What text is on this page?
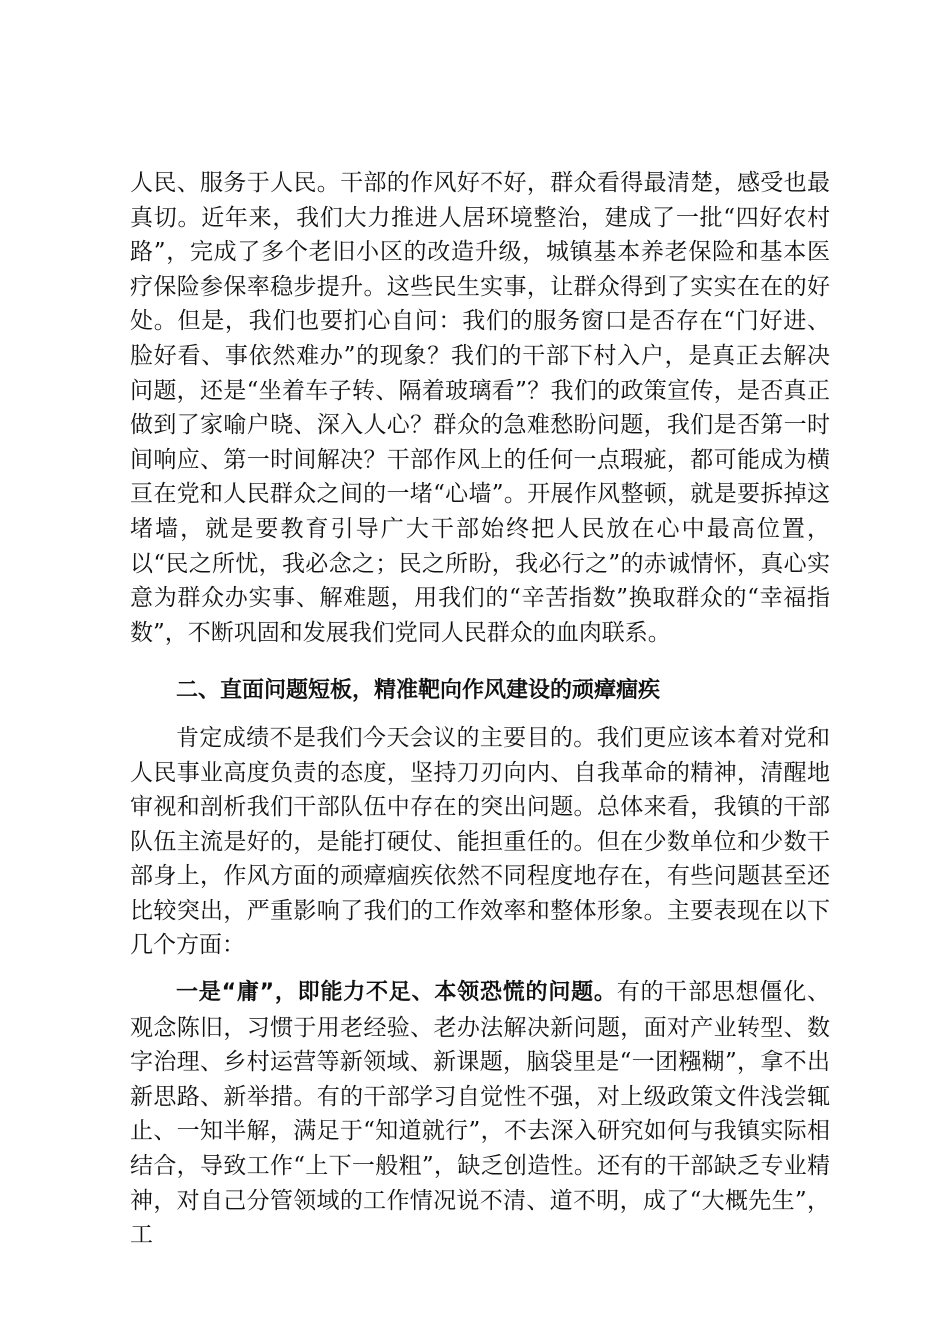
人民、服务于人民。干部的作风好不好，群众看得最清楚，感受也最真切。近年来，我们大力推进人居环境整治，建成了一批“四好农村路”，完成了多个老旧小区的改造升级，城镇基本养老保险和基本医疗保险参保率稳步提升。这些民生实事，让群众得到了实实在在的好处。但是，我们也要扪心自问：我们的服务窗口是否存在“门好进、脸好看、事依然难办”的现象？我们的干部下村入户，是真正去解决问题，还是“坐着车子转、隔着玻璃看”？我们的政策宣传，是否真正做到了家喻户晓、深入人心？群众的急难愁盼问题，我们是否第一时间响应、第一时间解决？干部作风上的任何一点瑕疵，都可能成为横亘在党和人民群众之间的一堵“心墙”。开展作风整顿，就是要拆掉这堵墙，就是要教育引导广大干部始终把人民放在心中最高位置，以“民之所忧，我必念之；民之所盼，我必行之”的赤诚情怀，真心实意为群众办实事、解难题，用我们的“辛苦指数”换取群众的“幸福指数”，不断巩固和发展我们党同人民群众的血肉联系。

二、直面问题短板，精准靶向作风建设的顽瘴痼疾

肯定成绩不是我们今天会议的主要目的。我们更应该本着对党和人民事业高度负责的态度，坚持刀刃向内、自我革命的精神，清醒地审视和剖析我们干部队伍中存在的突出问题。总体来看，我镇的干部队伍主流是好的，是能打硬仗、能担重任的。但在少数单位和少数干部身上，作风方面的顽瘴痼疾依然不同程度地存在，有些问题甚至还比较突出，严重影响了我们的工作效率和整体形象。主要表现在以下几个方面：

一是“庸”，即能力不足、本领恐慌的问题。有的干部思想僵化、观念陈旧，习惯于用老经验、老办法解决新问题，面对产业转型、数字治理、乡村运营等新领域、新课题，脑袋里是“一团糨糊”，拿不出新思路、新举措。有的干部学习自觉性不强，对上级政策文件浅尝辄止、一知半解，满足于“知道就行”，不去深入研究如何与我镇实际相结合，导致工作“上下一般粗”，缺乏创造性。还有的干部缺乏专业精神，对自己分管领域的工作情况说不清、道不明，成了“大概先生”，工
